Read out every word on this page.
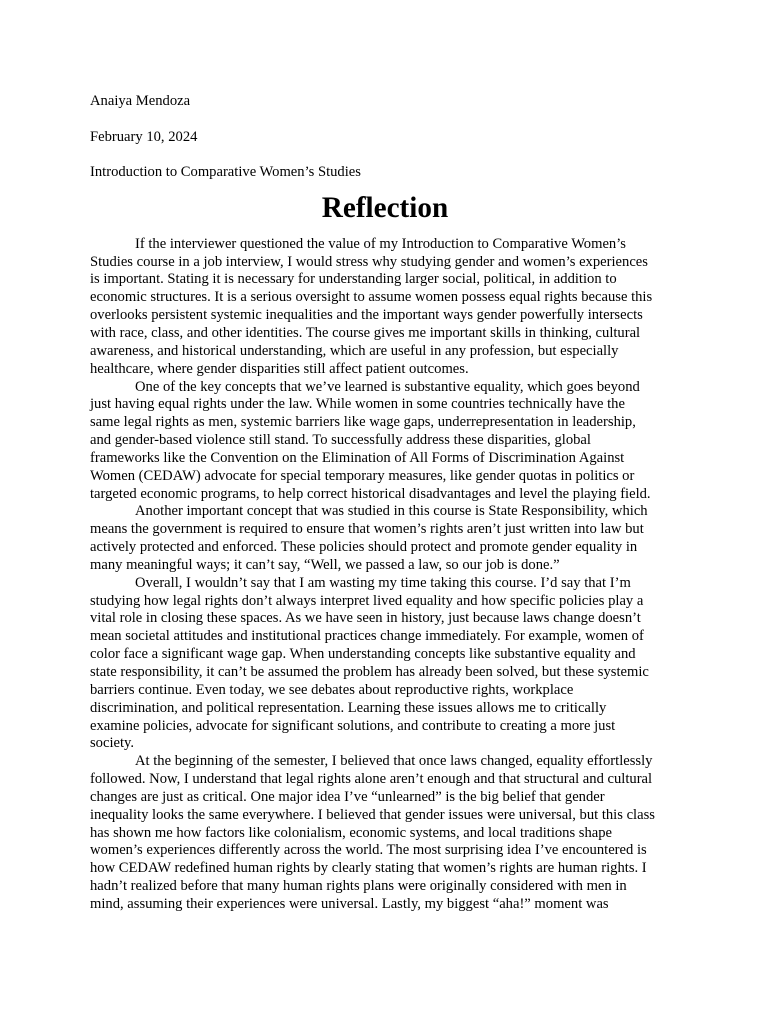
Anaiya Mendoza

February 10, 2024

Introduction to Comparative Women’s Studies

Reflection

If the interviewer questioned the value of my Introduction to Comparative Women’s
Studies course in a job interview, I would stress why studying gender and women’s experiences
is important. Stating it is necessary for understanding larger social, political, in addition to
economic structures. It is a serious oversight to assume women possess equal rights because this
overlooks persistent systemic inequalities and the important ways gender powerfully intersects
with race, class, and other identities. The course gives me important skills in thinking, cultural
awareness, and historical understanding, which are useful in any profession, but especially
healthcare, where gender disparities still affect patient outcomes.

One of the key concepts that we’ve learned is substantive equality, which goes beyond
just having equal rights under the law. While women in some countries technically have the
same legal rights as men, systemic barriers like wage gaps, underrepresentation in leadership,
and gender-based violence still stand. To successfully address these disparities, global
frameworks like the Convention on the Elimination of All Forms of Discrimination Against
Women (CEDAW) advocate for special temporary measures, like gender quotas in politics or
targeted economic programs, to help correct historical disadvantages and level the playing field.

Another important concept that was studied in this course is State Responsibility, which
means the government is required to ensure that women’s rights aren’t just written into law but
actively protected and enforced. These policies should protect and promote gender equality in
many meaningful ways; it can’t say, “Well, we passed a law, so our job is done.”

Overall, I wouldn’t say that I am wasting my time taking this course. I’d say that I’m
studying how legal rights don’t always interpret lived equality and how specific policies play a
vital role in closing these spaces. As we have seen in history, just because laws change doesn’t
mean societal attitudes and institutional practices change immediately. For example, women of
color face a significant wage gap. When understanding concepts like substantive equality and
state responsibility, it can’t be assumed the problem has already been solved, but these systemic
barriers continue. Even today, we see debates about reproductive rights, workplace
discrimination, and political representation. Learning these issues allows me to critically
examine policies, advocate for significant solutions, and contribute to creating a more just
society.

At the beginning of the semester, I believed that once laws changed, equality effortlessly
followed. Now, I understand that legal rights alone aren’t enough and that structural and cultural
changes are just as critical. One major idea I’ve “unlearned” is the big belief that gender
inequality looks the same everywhere. I believed that gender issues were universal, but this class
has shown me how factors like colonialism, economic systems, and local traditions shape
women’s experiences differently across the world. The most surprising idea I’ve encountered is
how CEDAW redefined human rights by clearly stating that women’s rights are human rights. I
hadn’t realized before that many human rights plans were originally considered with men in
mind, assuming their experiences were universal. Lastly, my biggest “aha!” moment was
